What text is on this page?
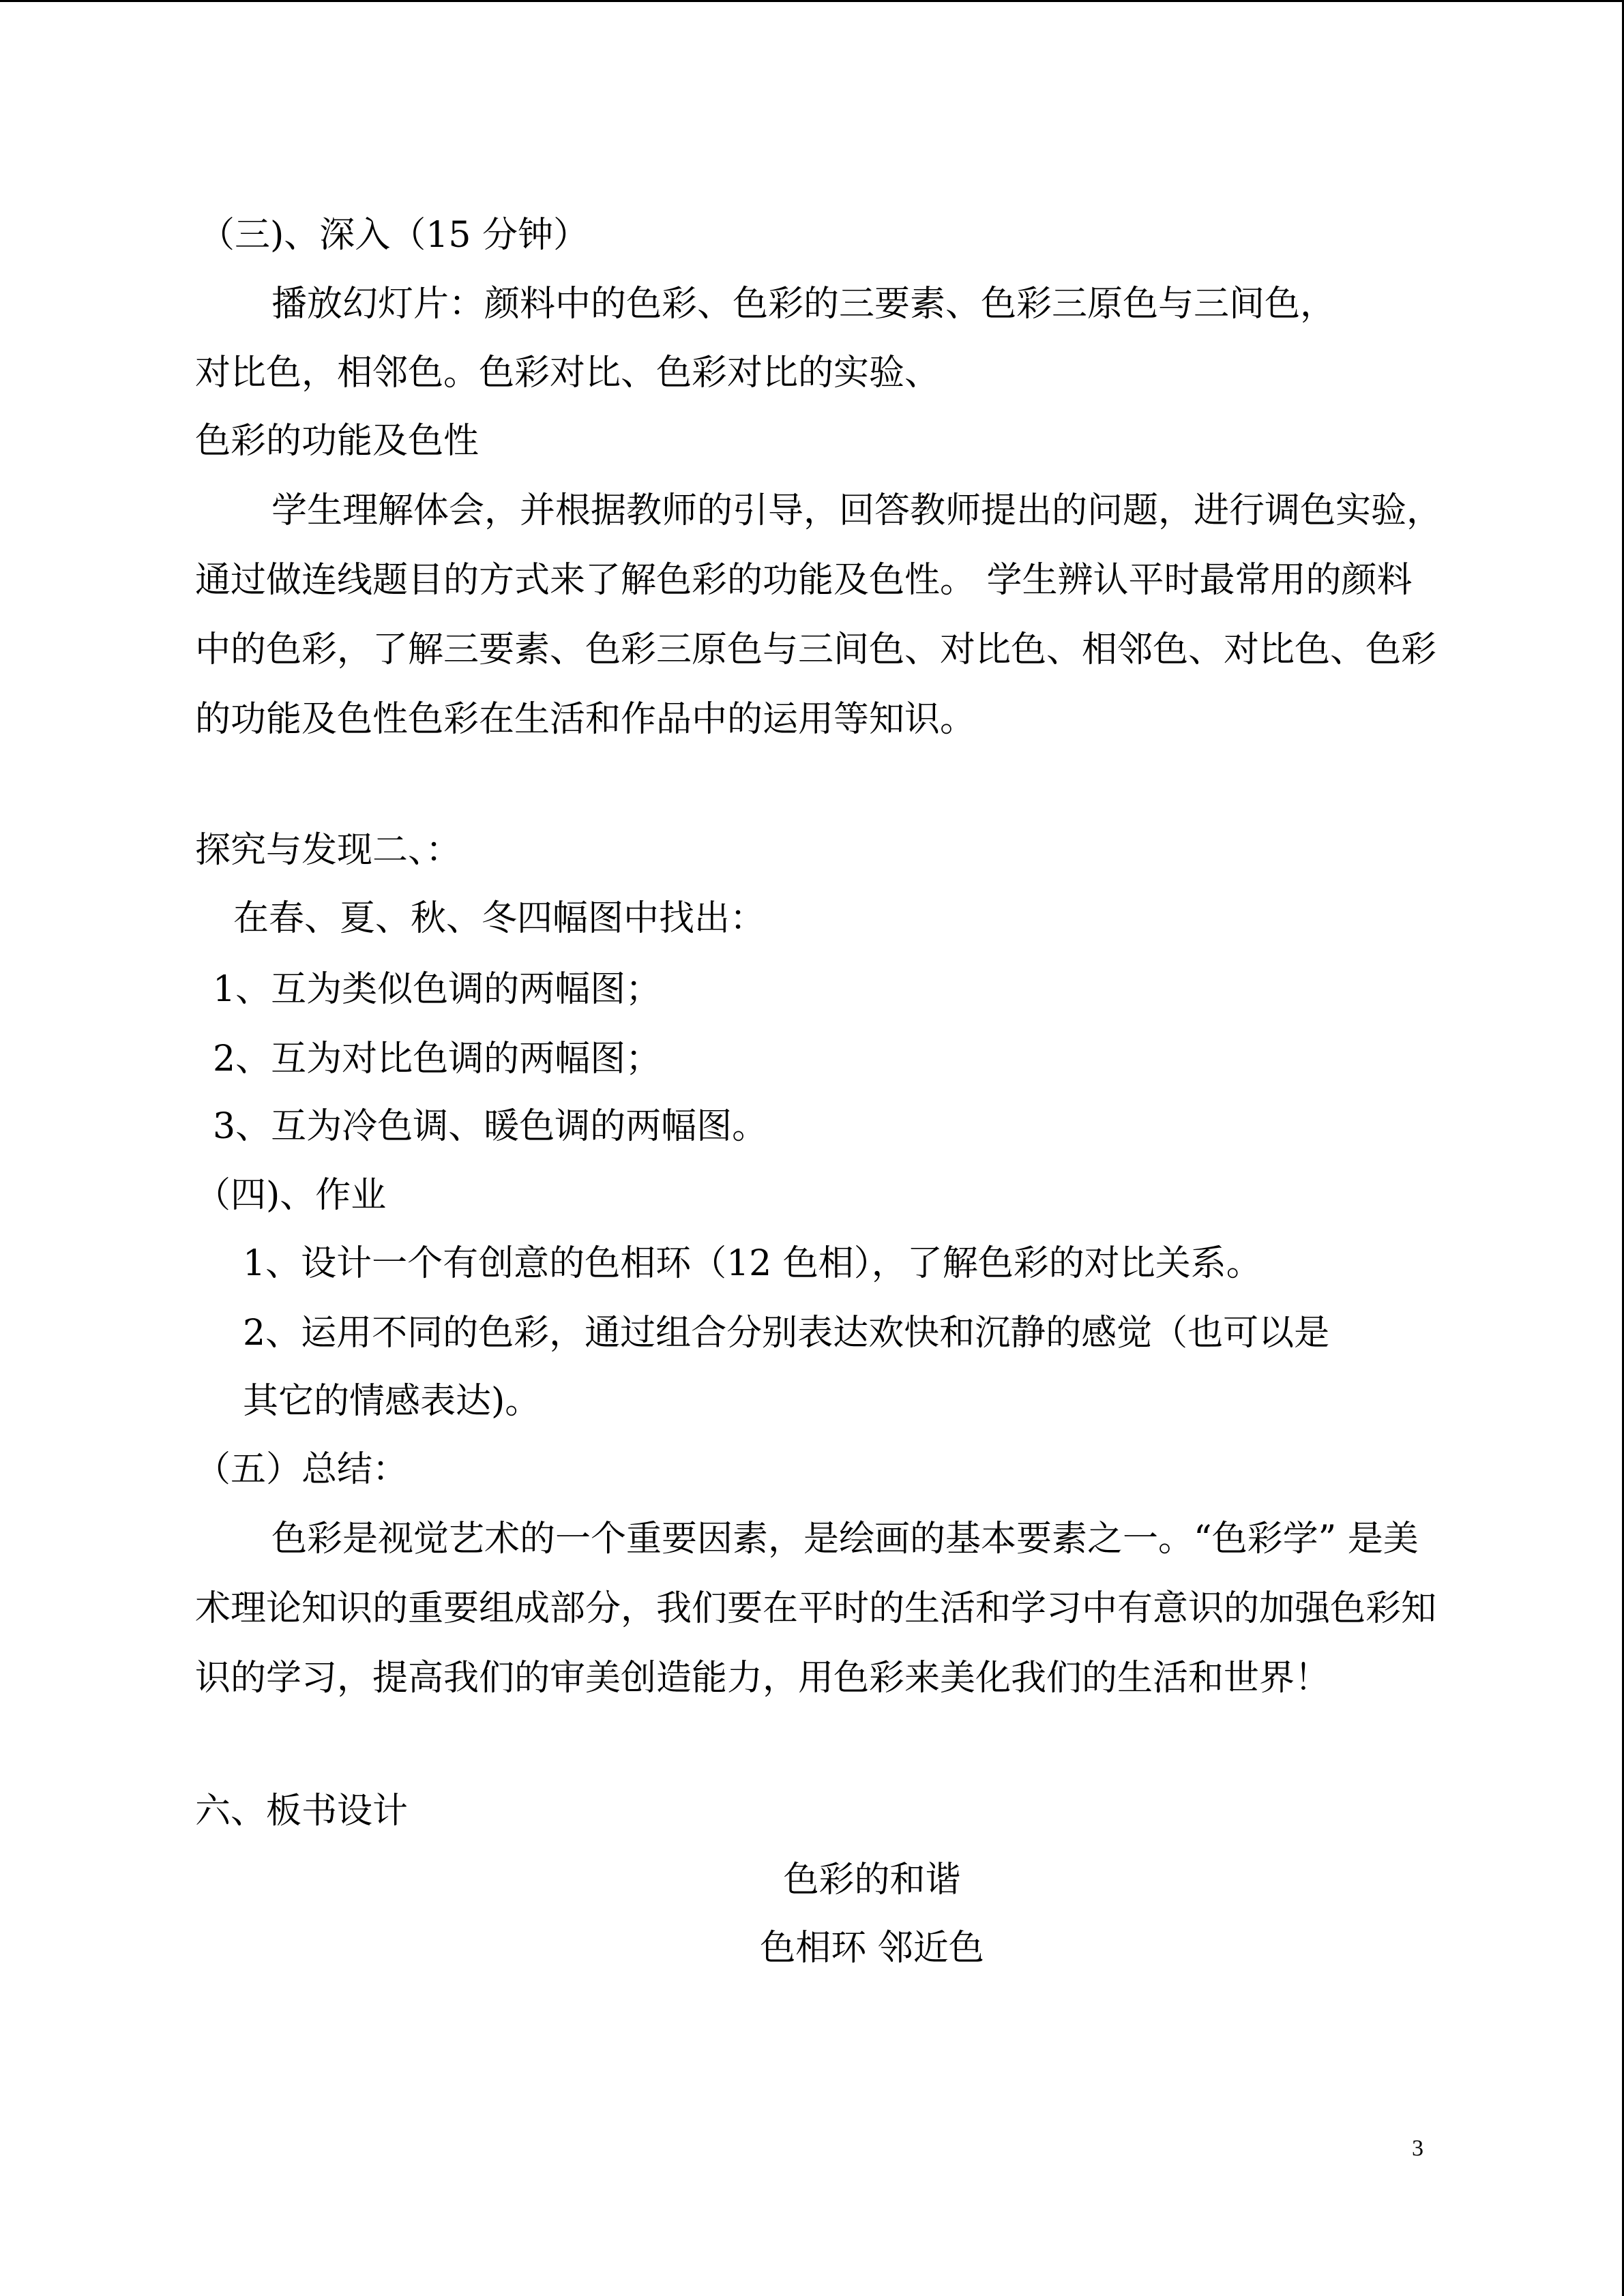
（三)、深入（15 分钟）

播放幻灯片：颜料中的色彩、色彩的三要素、色彩三原色与三间色，

对比色，相邻色。色彩对比、色彩对比的实验、

色彩的功能及色性

学生理解体会，并根据教师的引导，回答教师提出的问题，进行调色实验，通过做连线题目的方式来了解色彩的功能及色性。 学生辨认平时最常用的颜料中的色彩，了解三要素、色彩三原色与三间色、对比色、相邻色、对比色、色彩的功能及色性色彩在生活和作品中的运用等知识。

探究与发现二、：

在春、夏、秋、冬四幅图中找出：

1、互为类似色调的两幅图；

2、互为对比色调的两幅图；

3、互为冷色调、暖色调的两幅图。

（四)、作业

1、设计一个有创意的色相环（12 色相），了解色彩的对比关系。

2、运用不同的色彩，通过组合分别表达欢快和沉静的感觉（也可以是

其它的情感表达)。

（五）总结：

色彩是视觉艺术的一个重要因素，是绘画的基本要素之一。“色彩学” 是美术理论知识的重要组成部分，我们要在平时的生活和学习中有意识的加强色彩知识的学习，提高我们的审美创造能力，用色彩来美化我们的生活和世界！

六、板书设计

色彩的和谐

色相环 邻近色

3
